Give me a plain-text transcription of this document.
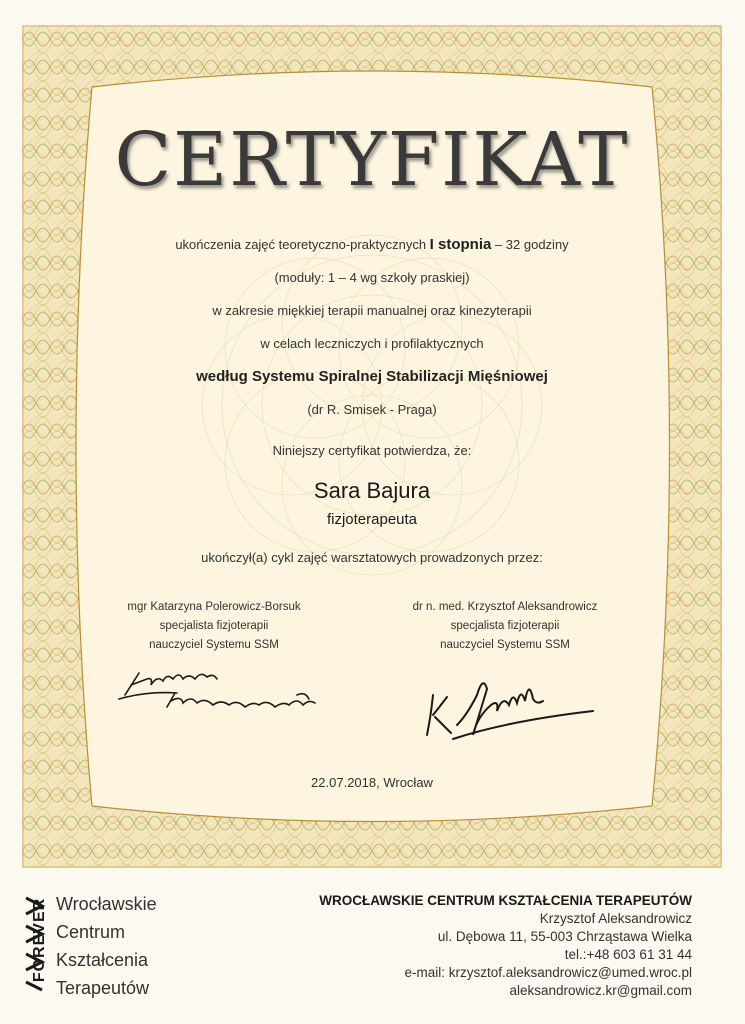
CERTYFIKAT
ukończenia zajęć teoretyczno-praktycznych I stopnia – 32 godziny
(moduły: 1 – 4 wg szkoły praskiej)
w zakresie miękkiej terapii manualnej oraz kinezyterapii
w celach leczniczych i profilaktycznych
według Systemu Spiralnej Stabilizacji Mięśniowej
(dr R. Smisek - Praga)
Niniejszy certyfikat potwierdza, że:
Sara Bajura
fizjoterapeuta
ukończył(a) cykl zajęć warsztatowych prowadzonych przez:
mgr Katarzyna Polerowicz-Borsuk
specjalista fizjoterapii
nauczyciel Systemu SSM
dr n. med. Krzysztof Aleksandrowicz
specjalista fizjoterapii
nauczyciel Systemu SSM
22.07.2018, Wrocław
FOREVER Wrocławskie
Centrum
Kształcenia
Terapeutów
WROCŁAWSKIE CENTRUM KSZTAŁCENIA TERAPEUTÓW
Krzysztof Aleksandrowicz
ul. Dębowa 11, 55-003 Chrząstawa Wielka
tel.:+48 603 61 31 44
e-mail: krzysztof.aleksandrowicz@umed.wroc.pl
aleksandrowicz.kr@gmail.com
